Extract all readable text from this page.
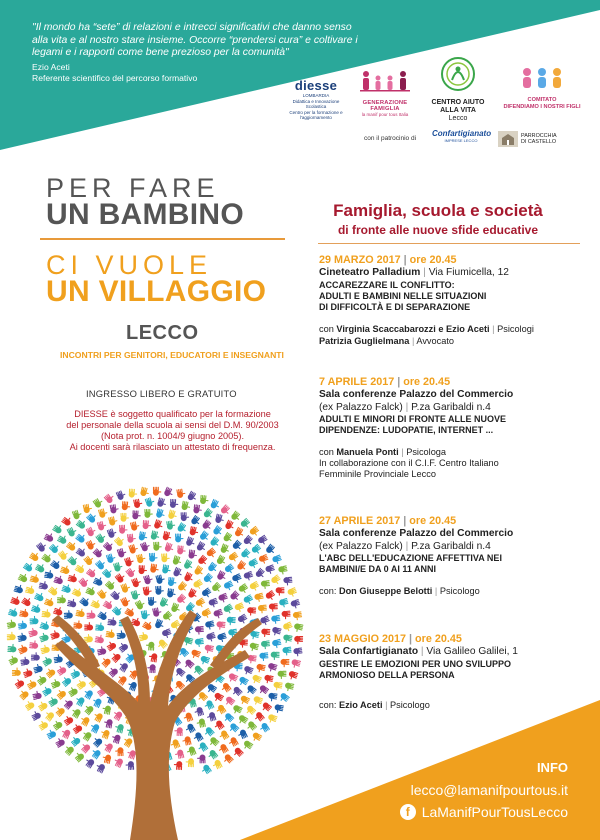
"Il mondo ha “sete” di relazioni e intrecci significativi che danno senso
alla vita e al nostro stare insieme. Occorre “prendersi cura” e coltivare i
legami e i rapporti come bene prezioso per la comunità"
Ezio Aceti
Referente scientifico del percorso formativo
diesse
LOMBARDIA
Didattica e Innovazione Scolastica
Centro per la formazione e l'aggiornamento
GENERAZIONE FAMIGLIA
la manif pour tous Italia
CENTRO AIUTO
ALLA VITA
Lecco
COMITATO
DIFENDIAMO I NOSTRI FIGLI
con il patrocinio di
Confartigianato
IMPRESE LECCO
PARROCCHIA
DI CASTELLO
PER FARE
UN BAMBINO
CI VUOLE
UN VILLAGGIO
LECCO
INCONTRI PER GENITORI, EDUCATORI E INSEGNANTI
INGRESSO LIBERO E GRATUITO
DIESSE è soggetto qualificato per la formazione
del personale della scuola ai sensi del D.M. 90/2003
(Nota prot. n. 1004/9 giugno 2005).
Ai docenti sarà rilasciato un attestato di frequenza.
Famiglia, scuola e società
di fronte alle nuove sfide educative
29 MARZO 2017 | ore 20.45
Cineteatro Palladium | Via Fiumicella, 12
ACCAREZZARE IL CONFLITTO:
ADULTI E BAMBINI NELLE SITUAZIONI
DI DIFFICOLTÀ E DI SEPARAZIONE
con Virginia Scaccabarozzi e Ezio Aceti | Psicologi
Patrizia Guglielmana | Avvocato
7 APRILE 2017 | ore 20.45
Sala conferenze Palazzo del Commercio
(ex Palazzo Falck) | P.za Garibaldi n.4
ADULTI E MINORI DI FRONTE ALLE NUOVE
DIPENDENZE: LUDOPATIE, INTERNET ...
con Manuela Ponti | Psicologa
In collaborazione con il C.I.F. Centro Italiano
Femminile Provinciale Lecco
27 APRILE 2017 | ore 20.45
Sala conferenze Palazzo del Commercio
(ex Palazzo Falck) | P.za Garibaldi n.4
L'ABC DELL'EDUCAZIONE AFFETTIVA NEI
BAMBINI/E DA 0 AI 11 ANNI
con: Don Giuseppe Belotti | Psicologo
23 MAGGIO 2017 | ore 20.45
Sala Confartigianato | Via Galileo Galilei, 1
GESTIRE LE EMOZIONI PER UNO SVILUPPO
ARMONIOSO DELLA PERSONA
con: Ezio Aceti | Psicologo
INFO
lecco@lamanifpourtous.it
f LaManifPourTousLecco
